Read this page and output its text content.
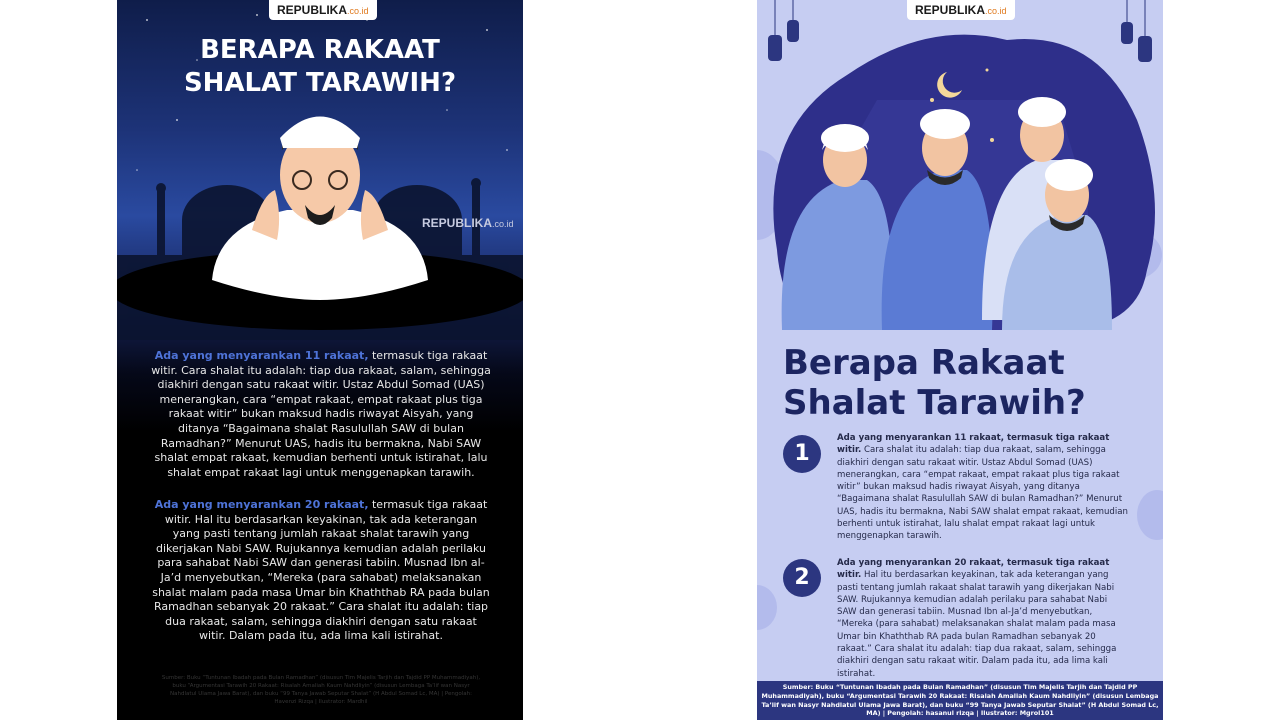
REPUBLIKA.co.id
BERAPA RAKAAT
SHALAT TARAWIH?
REPUBLIKA.co.id
Ada yang menyarankan 11 rakaat, termasuk tiga rakaat witir. Cara shalat itu adalah: tiap dua rakaat, salam, sehingga diakhiri dengan satu rakaat witir. Ustaz Abdul Somad (UAS) menerangkan, cara “empat rakaat, empat rakaat plus tiga rakaat witir” bukan maksud hadis riwayat Aisyah, yang ditanya “Bagaimana shalat Rasulullah SAW di bulan Ramadhan?” Menurut UAS, hadis itu bermakna, Nabi SAW shalat empat rakaat, kemudian berhenti untuk istirahat, lalu shalat empat rakaat lagi untuk menggenapkan tarawih.
Ada yang menyarankan 20 rakaat, termasuk tiga rakaat witir. Hal itu berdasarkan keyakinan, tak ada keterangan yang pasti tentang jumlah rakaat shalat tarawih yang dikerjakan Nabi SAW. Rujukannya kemudian adalah perilaku para sahabat Nabi SAW dan generasi tabiin. Musnad Ibn al-Ja’d menyebutkan, “Mereka (para sahabat) melaksanakan shalat malam pada masa Umar bin Khaththab RA pada bulan Ramadhan sebanyak 20 rakaat.” Cara shalat itu adalah: tiap dua rakaat, salam, sehingga diakhiri dengan satu rakaat witir. Dalam pada itu, ada lima kali istirahat.
Sumber: Buku “Tuntunan Ibadah pada Bulan Ramadhan” (disusun Tim Majelis Tarjih dan Tajdid PP Muhammadiyah), buku “Argumentasi Tarawih 20 Rakaat: Risalah Amaliah Kaum Nahdliyin” (disusun Lembaga Ta’lif wan Nasyr Nahdlatul Ulama Jawa Barat), dan buku “99 Tanya Jawab Seputar Shalat” (H Abdul Somad Lc, MA) | Pengolah: Havenzi Rizqa | Ilustrator: Mardhil
REPUBLIKA.co.id
Berapa Rakaat
Shalat Tarawih?
1
Ada yang menyarankan 11 rakaat, termasuk tiga rakaat witir. Cara shalat itu adalah: tiap dua rakaat, salam, sehingga diakhiri dengan satu rakaat witir. Ustaz Abdul Somad (UAS) menerangkan, cara “empat rakaat, empat rakaat plus tiga rakaat witir” bukan maksud hadis riwayat Aisyah, yang ditanya “Bagaimana shalat Rasulullah SAW di bulan Ramadhan?” Menurut UAS, hadis itu bermakna, Nabi SAW shalat empat rakaat, kemudian berhenti untuk istirahat, lalu shalat empat rakaat lagi untuk menggenapkan tarawih.
2
Ada yang menyarankan 20 rakaat, termasuk tiga rakaat witir. Hal itu berdasarkan keyakinan, tak ada keterangan yang pasti tentang jumlah rakaat shalat tarawih yang dikerjakan Nabi SAW. Rujukannya kemudian adalah perilaku para sahabat Nabi SAW dan generasi tabiin. Musnad Ibn al-Ja’d menyebutkan, “Mereka (para sahabat) melaksanakan shalat malam pada masa Umar bin Khaththab RA pada bulan Ramadhan sebanyak 20 rakaat.” Cara shalat itu adalah: tiap dua rakaat, salam, sehingga diakhiri dengan satu rakaat witir. Dalam pada itu, ada lima kali istirahat.
Sumber: Buku “Tuntunan Ibadah pada Bulan Ramadhan” (disusun Tim Majelis Tarjih dan Tajdid PP Muhammadiyah), buku “Argumentasi Tarawih 20 Rakaat: Risalah Amaliah Kaum Nahdliyin” (disusun Lembaga Ta’lif wan Nasyr Nahdlatul Ulama Jawa Barat), dan buku “99 Tanya Jawab Seputar Shalat” (H Abdul Somad Lc, MA) | Pengolah: hasanul rizqa | Ilustrator: Mgrol101
